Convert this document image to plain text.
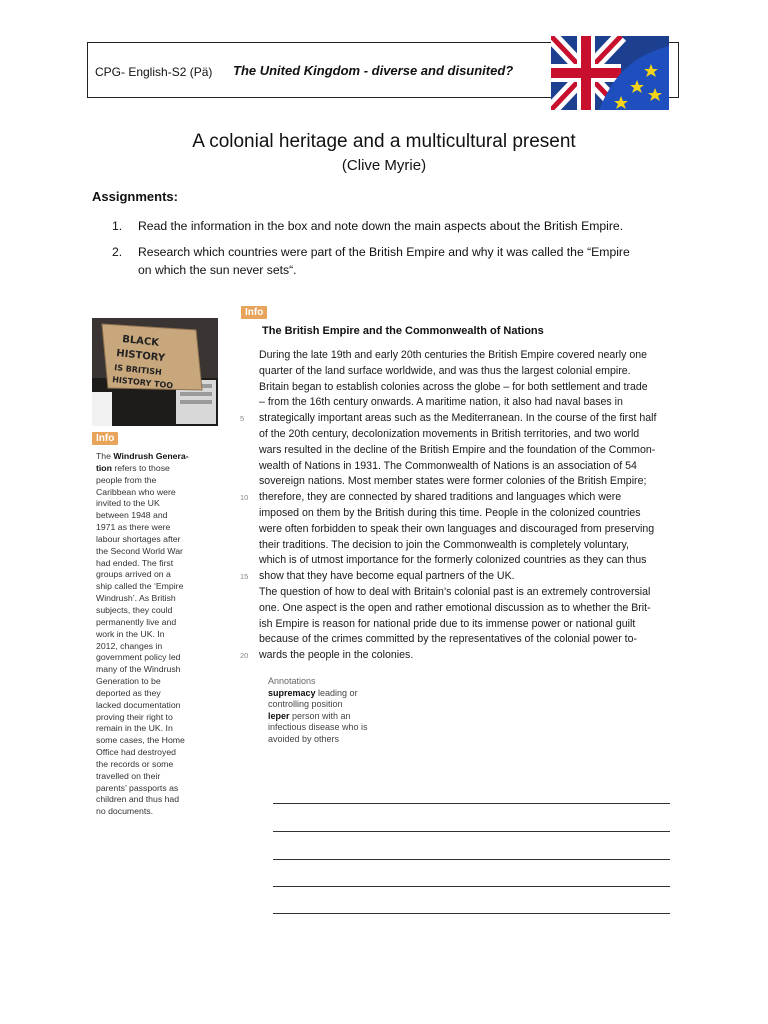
CPG- English-S2 (Pä) The United Kingdom - diverse and disunited?
A colonial heritage and a multicultural present
(Clive Myrie)
Assignments:
1. Read the information in the box and note down the main aspects about the British Empire.
2. Research which countries were part of the British Empire and why it was called the “Empire
on which the sun never sets“.
BLACK
HISTORY
IS BRITISH
HISTORY TOO
Info
The Windrush Genera-
tion refers to those
people from the
Caribbean who were
invited to the UK
between 1948 and
1971 as there were
labour shortages after
the Second World War
had ended. The first
groups arrived on a
ship called the ‘Empire
Windrush’. As British
subjects, they could
permanently live and
work in the UK. In
2012, changes in
government policy led
many of the Windrush
Generation to be
deported as they
lacked documentation
proving their right to
remain in the UK. In
some cases, the Home
Office had destroyed
the records or some
travelled on their
parents’ passports as
children and thus had
no documents.
Info
The British Empire and the Commonwealth of Nations
During the late 19th and early 20th centuries the British Empire covered nearly one
quarter of the land surface worldwide, and was thus the largest colonial empire.
Britain began to establish colonies across the globe – for both settlement and trade
– from the 16th century onwards. A maritime nation, it also had naval bases in
strategically important areas such as the Mediterranean. In the course of the first half
of the 20th century, decolonization movements in British territories, and two world
wars resulted in the decline of the British Empire and the foundation of the Common-
wealth of Nations in 1931. The Commonwealth of Nations is an association of 54
sovereign nations. Most member states were former colonies of the British Empire;
therefore, they are connected by shared traditions and languages which were
imposed on them by the British during this time. People in the colonized countries
were often forbidden to speak their own languages and discouraged from preserving
their traditions. The decision to join the Commonwealth is completely voluntary,
which is of utmost importance for the formerly colonized countries as they can thus
show that they have become equal partners of the UK.
The question of how to deal with Britain’s colonial past is an extremely controversial
one. One aspect is the open and rather emotional discussion as to whether the Brit-
ish Empire is reason for national pride due to its immense power or national guilt
because of the crimes committed by the representatives of the colonial power to-
wards the people in the colonies.
5
10
15
20
Annotations
supremacy leading or
controlling position
leper person with an
infectious disease who is
avoided by others
